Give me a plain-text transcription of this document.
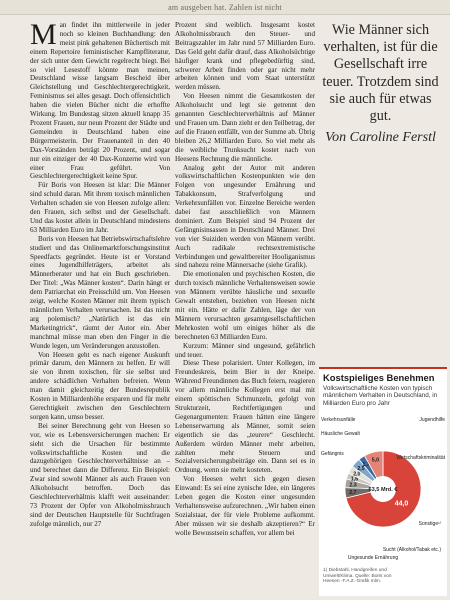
am ausgeben hat. Zahlen ist nicht

Man findet ihn mittlerweile in jeder noch so kleinen Buchhandlung: den meist pink gehaltenen Büchertisch mit einem Repertoire feministischer Kampfliteratur, der sich unter dem Gewicht regelrecht biegt. Bei so viel Lesestoff könnte man meinen, Deutschland wisse langsam Bescheid über Gleichstellung und Geschlechtergerechtigkeit, Feminismus sei alles gesagt. Doch offensichtlich haben die vielen Bücher nicht die erhoffte Wirkung. Im Bundestag sitzen aktuell knapp 35 Prozent Frauen, nur neun Prozent der Städte und Gemeinden in Deutschland haben eine Bürgermeisterin. Der Frauenanteil in den 40 Dax-Vorständen beträgt 20 Prozent, und sogar nur ein einziger der 40 Dax-Konzerne wird von einer Frau geführt. Von Geschlechtergerechtigkeit keine Spur.

Für Boris von Heesen ist klar: Die Männer sind schuld daran. Mit ihrem toxisch männlichen Verhalten schaden sie von Heesen zufolge allen: den Frauen, sich selbst und der Gesellschaft. Und das kostet allein in Deutschland mindestens 63 Milliarden Euro im Jahr.

Boris von Heesen hat Betriebswirtschaftslehre studiert und das Onlinemarktforschungsinstitut Speedfacts gegründet. Heute ist er Vorstand eines Jugendhilfeträgers, arbeitet als Männerberater und hat ein Buch geschrieben. Der Titel: „Was Männer kosten“. Darin hängt er dem Patriarchat ein Preisschild um. Von Heesen zeigt, welche Kosten Männer mit ihrem typisch männlichen Verhalten verursachen. Ist das nicht arg polemisch? „Natürlich ist das ein Marketingtrick“, räumt der Autor ein. Aber manchmal müsse man eben den Finger in die Wunde legen, um Veränderungen anzustoßen.

Von Heesen geht es nach eigener Auskunft primär darum, den Männern zu helfen. Er will sie von ihrem toxischen, für sie selbst und andere schädlichen Verhalten befreien. Wenn man damit gleichzeitig der Bundesrepublik Kosten in Milliardenhöhe ersparen und für mehr Gerechtigkeit zwischen den Geschlechtern sorgen kann, umso besser.

Bei seiner Berechnung geht von Heesen so vor, wie es Lebensversicherungen machen: Er sieht sich die Ursachen für bestimmte volkswirtschaftliche Kosten und die dazugehörigen Geschlechterverhältnisse an – und berechnet dann die Differenz. Ein Beispiel: Zwar sind sowohl Männer als auch Frauen von Alkoholsucht betroffen. Doch das Geschlechterverhältnis klafft weit auseinander: 73 Prozent der Opfer von Alkoholmissbrauch sind der Deutschen Hauptstelle für Suchtfragen zufolge männlich, nur 27

Prozent sind weiblich. Insgesamt kostet Alkoholmissbrauch den Steuer- und Beitragszahler im Jahr rund 57 Milliarden Euro. Das Geld geht dafür drauf, dass Alkoholsüchtige häufiger krank und pflegebedürftig sind, schwerer Arbeit finden oder gar nicht mehr arbeiten können und vom Staat unterstützt werden müssen.

Von Heesen nimmt die Gesamtkosten der Alkoholsucht und legt sie getrennt den genannten Geschlechterverhältnis auf Männer und Frauen um. Dann zieht er den Teilbetrag, der auf die Frauen entfällt, von der Summe ab. Übrig bleiben 26,2 Milliarden Euro. So viel mehr als die weibliche Trunksucht kostet nach von Heesens Rechnung die männliche.

Analog geht der Autor mit anderen volkswirtschaftlichen Kostenpunkten wie den Folgen von ungesunder Ernährung und Tabakkonsum, Strafverfolgung und Verkehrsunfällen vor. Einzelne Bereiche werden dabei fast ausschließlich von Männern dominiert. Zum Beispiel sind 94 Prozent der Gefängnisinsassen in Deutschland Männer. Drei von vier Suiziden werden von Männern verübt. Auch radikale rechtsextremistische Verbindungen und gewaltbereiter Hooliganismus sind nahezu reine Männersache (siehe Grafik).

Die emotionalen und psychischen Kosten, die durch toxisch männliche Verhaltensweisen sowie von Männern verübte häusliche und sexuelle Gewalt entstehen, beziehen von Heesen nicht mit ein. Hätte er dafür Zahlen, läge der von Männern verursachten gesamtgesellschaftlichen Mehrkosten wohl um einiges höher als die berechneten 63 Milliarden Euro.

Kurzum: Männer sind ungesund, gefährlich und teuer.

Diese These polarisiert. Unter Kollegen, im Freundeskreis, beim Bier in der Kneipe. Während Freundinnen das Buch feiern, reagieren vor allem männliche Kollegen erst mal mit einem spöttischen Schmunzeln, gefolgt von Strukturzeit, Rechtfertigungen und Gegenargumenten: Frauen hätten eine längere Lebenserwartung als Männer, somit seien eigentlich sie das „teurere“ Geschlecht. Außerdem würden Männer mehr arbeiten, zahlten mehr Steuern und Sozialversicherungsbeiträge ein. Dann sei es in Ordnung, wenn sie mehr kosteten.

Von Heesen wehrt sich gegen diesen Einwand: Es sei eine zynische Idee, ein längeres Leben gegen die Kosten einer ungesunden Verhaltensweise aufzurechnen. „Wir haben einen Sozialstaat, der für viele Probleme aufkommt. Aber müssen wir sie deshalb akzeptieren?“ Er wolle Bewusstsein schaffen, vor allem bei

Wie Männer sich verhalten, ist für die Gesellschaft irre teuer. Trotzdem sind sie auch für etwas gut.
Von Caroline Ferstl
Kostspieliges Benehmen
Volkswirtschaftliche Kosten von typisch männlichem Verhalten in Deutschland, in Milliarden Euro pro Jahr
44,0
Ungesunde Ernährung
2,7
Sucht (Alkohol/Tabak etc.)
2,3
Sonstige¹⁾
1,6
Wirtschaftskriminalität
2,0
Jugendhilfe
2,5
Verkehrsunfälle
1,7
Häusliche Gewalt
5,0
Gefängnis
63,5 Mrd. €
1) Diebstahl, Handgreifen und Umwelt/Klima. Quelle: Boris von Heesen ·F.A.Z.-Grafik mlm.
